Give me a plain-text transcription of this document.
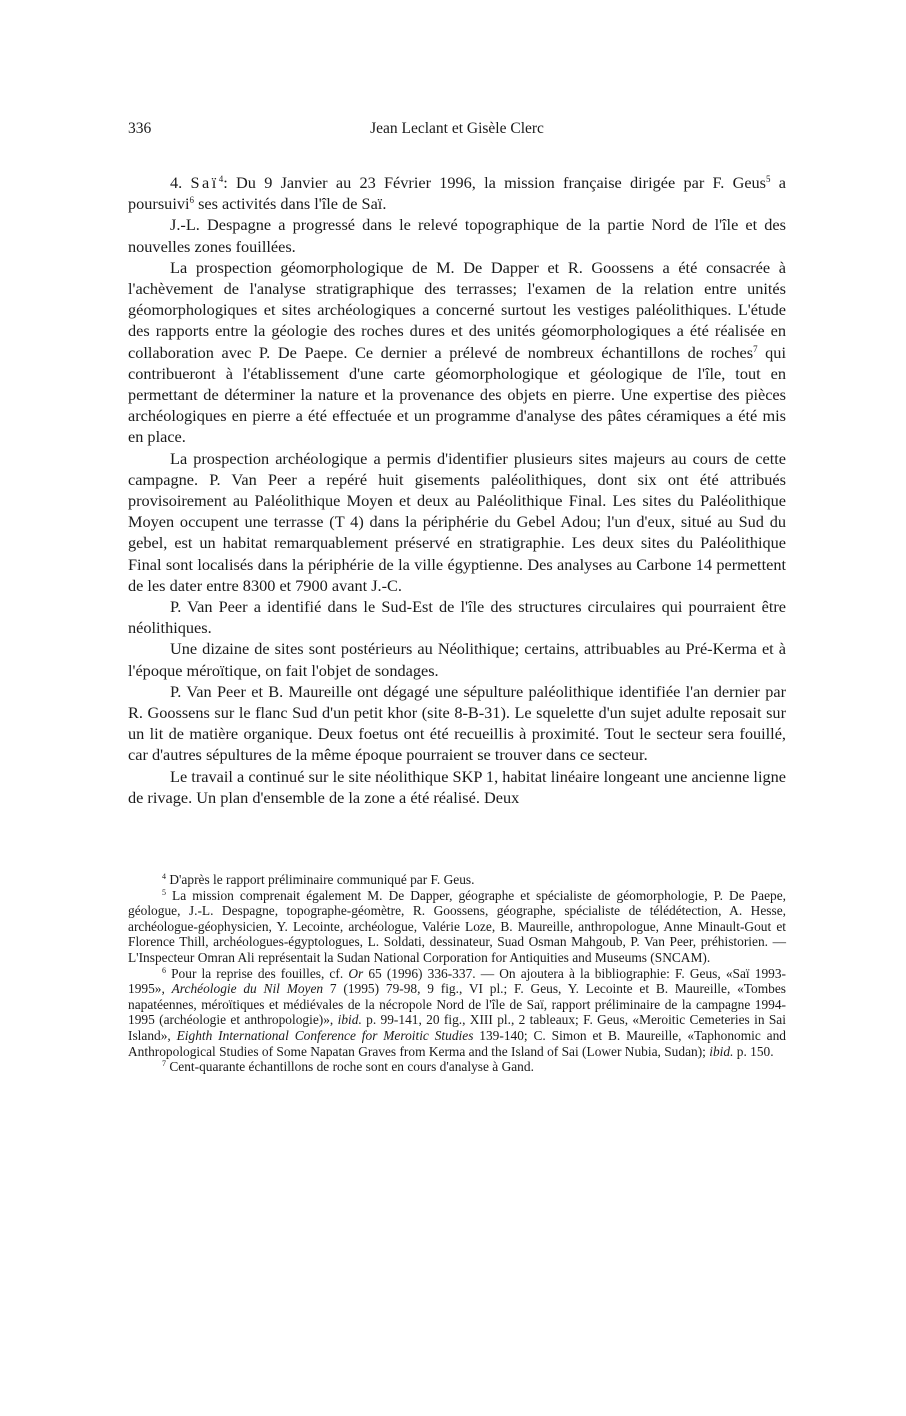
336	Jean Leclant et Gisèle Clerc

4. Saï$^4$: Du 9 Janvier au 23 Février 1996, la mission française dirigée par F. Geus$^5$ a poursuivi$^6$ ses activités dans l'île de Saï.

J.-L. Despagne a progressé dans le relevé topographique de la partie Nord de l'île et des nouvelles zones fouillées.

La prospection géomorphologique de M. De Dapper et R. Goossens a été consacrée à l'achèvement de l'analyse stratigraphique des terrasses; l'examen de la relation entre unités géomorphologiques et sites archéologiques a concerné surtout les vestiges paléolithiques. L'étude des rapports entre la géologie des roches dures et des unités géomorphologiques a été réalisée en collaboration avec P. De Paepe. Ce dernier a prélevé de nombreux échantillons de roches$^7$ qui contribueront à l'établissement d'une carte géomorphologique et géologique de l'île, tout en permettant de déterminer la nature et la provenance des objets en pierre. Une expertise des pièces archéologiques en pierre a été effectuée et un programme d'analyse des pâtes céramiques a été mis en place.

La prospection archéologique a permis d'identifier plusieurs sites majeurs au cours de cette campagne. P. Van Peer a repéré huit gisements paléolithiques, dont six ont été attribués provisoirement au Paléolithique Moyen et deux au Paléolithique Final. Les sites du Paléolithique Moyen occupent une terrasse (T 4) dans la périphérie du Gebel Adou; l'un d'eux, situé au Sud du gebel, est un habitat remarquablement préservé en stratigraphie. Les deux sites du Paléolithique Final sont localisés dans la périphérie de la ville égyptienne. Des analyses au Carbone 14 permettent de les dater entre 8300 et 7900 avant J.-C.

P. Van Peer a identifié dans le Sud-Est de l'île des structures circulaires qui pourraient être néolithiques.

Une dizaine de sites sont postérieurs au Néolithique; certains, attribuables au Pré-Kerma et à l'époque méroïtique, on fait l'objet de sondages.

P. Van Peer et B. Maureille ont dégagé une sépulture paléolithique identifiée l'an dernier par R. Goossens sur le flanc Sud d'un petit khor (site 8-B-31). Le squelette d'un sujet adulte reposait sur un lit de matière organique. Deux foetus ont été recueillis à proximité. Tout le secteur sera fouillé, car d'autres sépultures de la même époque pourraient se trouver dans ce secteur.

Le travail a continué sur le site néolithique SKP 1, habitat linéaire longeant une ancienne ligne de rivage. Un plan d'ensemble de la zone a été réalisé. Deux

$^4$ D'après le rapport préliminaire communiqué par F. Geus.

$^5$ La mission comprenait également M. De Dapper, géographe et spécialiste de géomorphologie, P. De Paepe, géologue, J.-L. Despagne, topographe-géomètre, R. Goossens, géographe, spécialiste de télédétection, A. Hesse, archéologue-géophysicien, Y. Lecointe, archéologue, Valérie Loze, B. Maureille, anthropologue, Anne Minault-Gout et Florence Thill, archéologues-égyptologues, L. Soldati, dessinateur, Suad Osman Mahgoub, P. Van Peer, préhistorien. — L'Inspecteur Omran Ali représentait la Sudan National Corporation for Antiquities and Museums (SNCAM).

$^6$ Pour la reprise des fouilles, cf. Or 65 (1996) 336-337. — On ajoutera à la bibliographie: F. Geus, «Saï 1993-1995», Archéologie du Nil Moyen 7 (1995) 79-98, 9 fig., VI pl.; F. Geus, Y. Lecointe et B. Maureille, «Tombes napatéennes, méroïtiques et médiévales de la nécropole Nord de l'île de Saï, rapport préliminaire de la campagne 1994-1995 (archéologie et anthropologie)», ibid. p. 99-141, 20 fig., XIII pl., 2 tableaux; F. Geus, «Meroitic Cemeteries in Sai Island», Eighth International Conference for Meroitic Studies 139-140; C. Simon et B. Maureille, «Taphonomic and Anthropological Studies of Some Napatan Graves from Kerma and the Island of Sai (Lower Nubia, Sudan); ibid. p. 150.

$^7$ Cent-quarante échantillons de roche sont en cours d'analyse à Gand.
